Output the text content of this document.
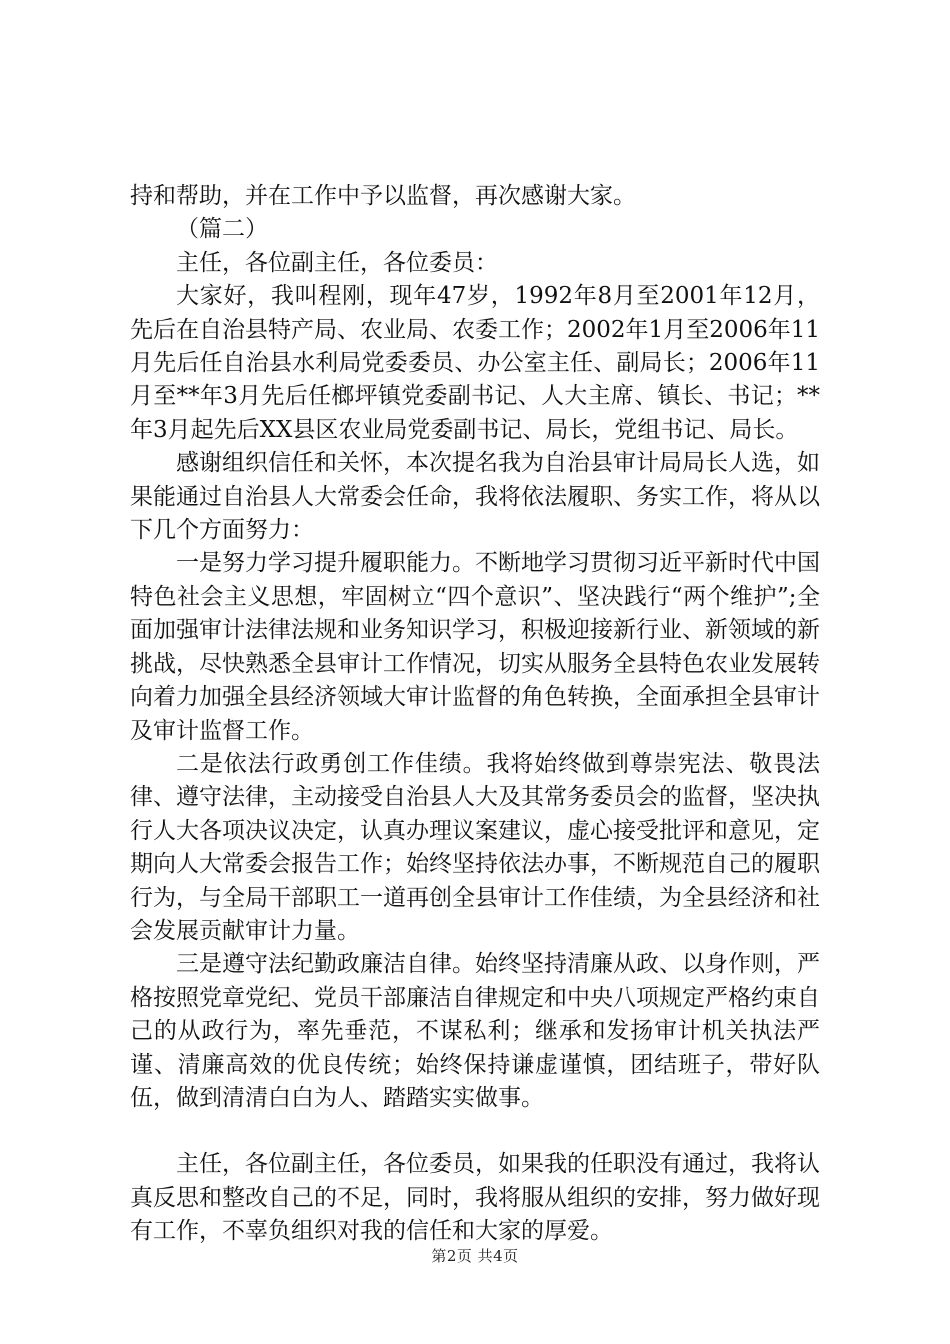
持和帮助，并在工作中予以监督，再次感谢大家。

（篇二）

主任，各位副主任，各位委员：

大家好，我叫程刚，现年47岁，1992年8月至2001年12月，先后在自治县特产局、农业局、农委工作；2002年1月至2006年11月先后任自治县水利局党委委员、办公室主任、副局长；2006年11月至**年3月先后任榔坪镇党委副书记、人大主席、镇长、书记；**年3月起先后XX县区农业局党委副书记、局长，党组书记、局长。

感谢组织信任和关怀，本次提名我为自治县审计局局长人选，如果能通过自治县人大常委会任命，我将依法履职、务实工作，将从以下几个方面努力：

一是努力学习提升履职能力。不断地学习贯彻习近平新时代中国特色社会主义思想，牢固树立“四个意识”、坚决践行“两个维护”;全面加强审计法律法规和业务知识学习，积极迎接新行业、新领域的新挑战，尽快熟悉全县审计工作情况，切实从服务全县特色农业发展转向着力加强全县经济领域大审计监督的角色转换，全面承担全县审计及审计监督工作。

二是依法行政勇创工作佳绩。我将始终做到尊崇宪法、敬畏法律、遵守法律，主动接受自治县人大及其常务委员会的监督，坚决执行人大各项决议决定，认真办理议案建议，虚心接受批评和意见，定期向人大常委会报告工作；始终坚持依法办事，不断规范自己的履职行为，与全局干部职工一道再创全县审计工作佳绩，为全县经济和社会发展贡献审计力量。

三是遵守法纪勤政廉洁自律。始终坚持清廉从政、以身作则，严格按照党章党纪、党员干部廉洁自律规定和中央八项规定严格约束自己的从政行为，率先垂范，不谋私利；继承和发扬审计机关执法严谨、清廉高效的优良传统；始终保持谦虚谨慎，团结班子，带好队伍，做到清清白白为人、踏踏实实做事。

主任，各位副主任，各位委员，如果我的任职没有通过，我将认真反思和整改自己的不足，同时，我将服从组织的安排，努力做好现有工作，不辜负组织对我的信任和大家的厚爱。

第2页 共4页
